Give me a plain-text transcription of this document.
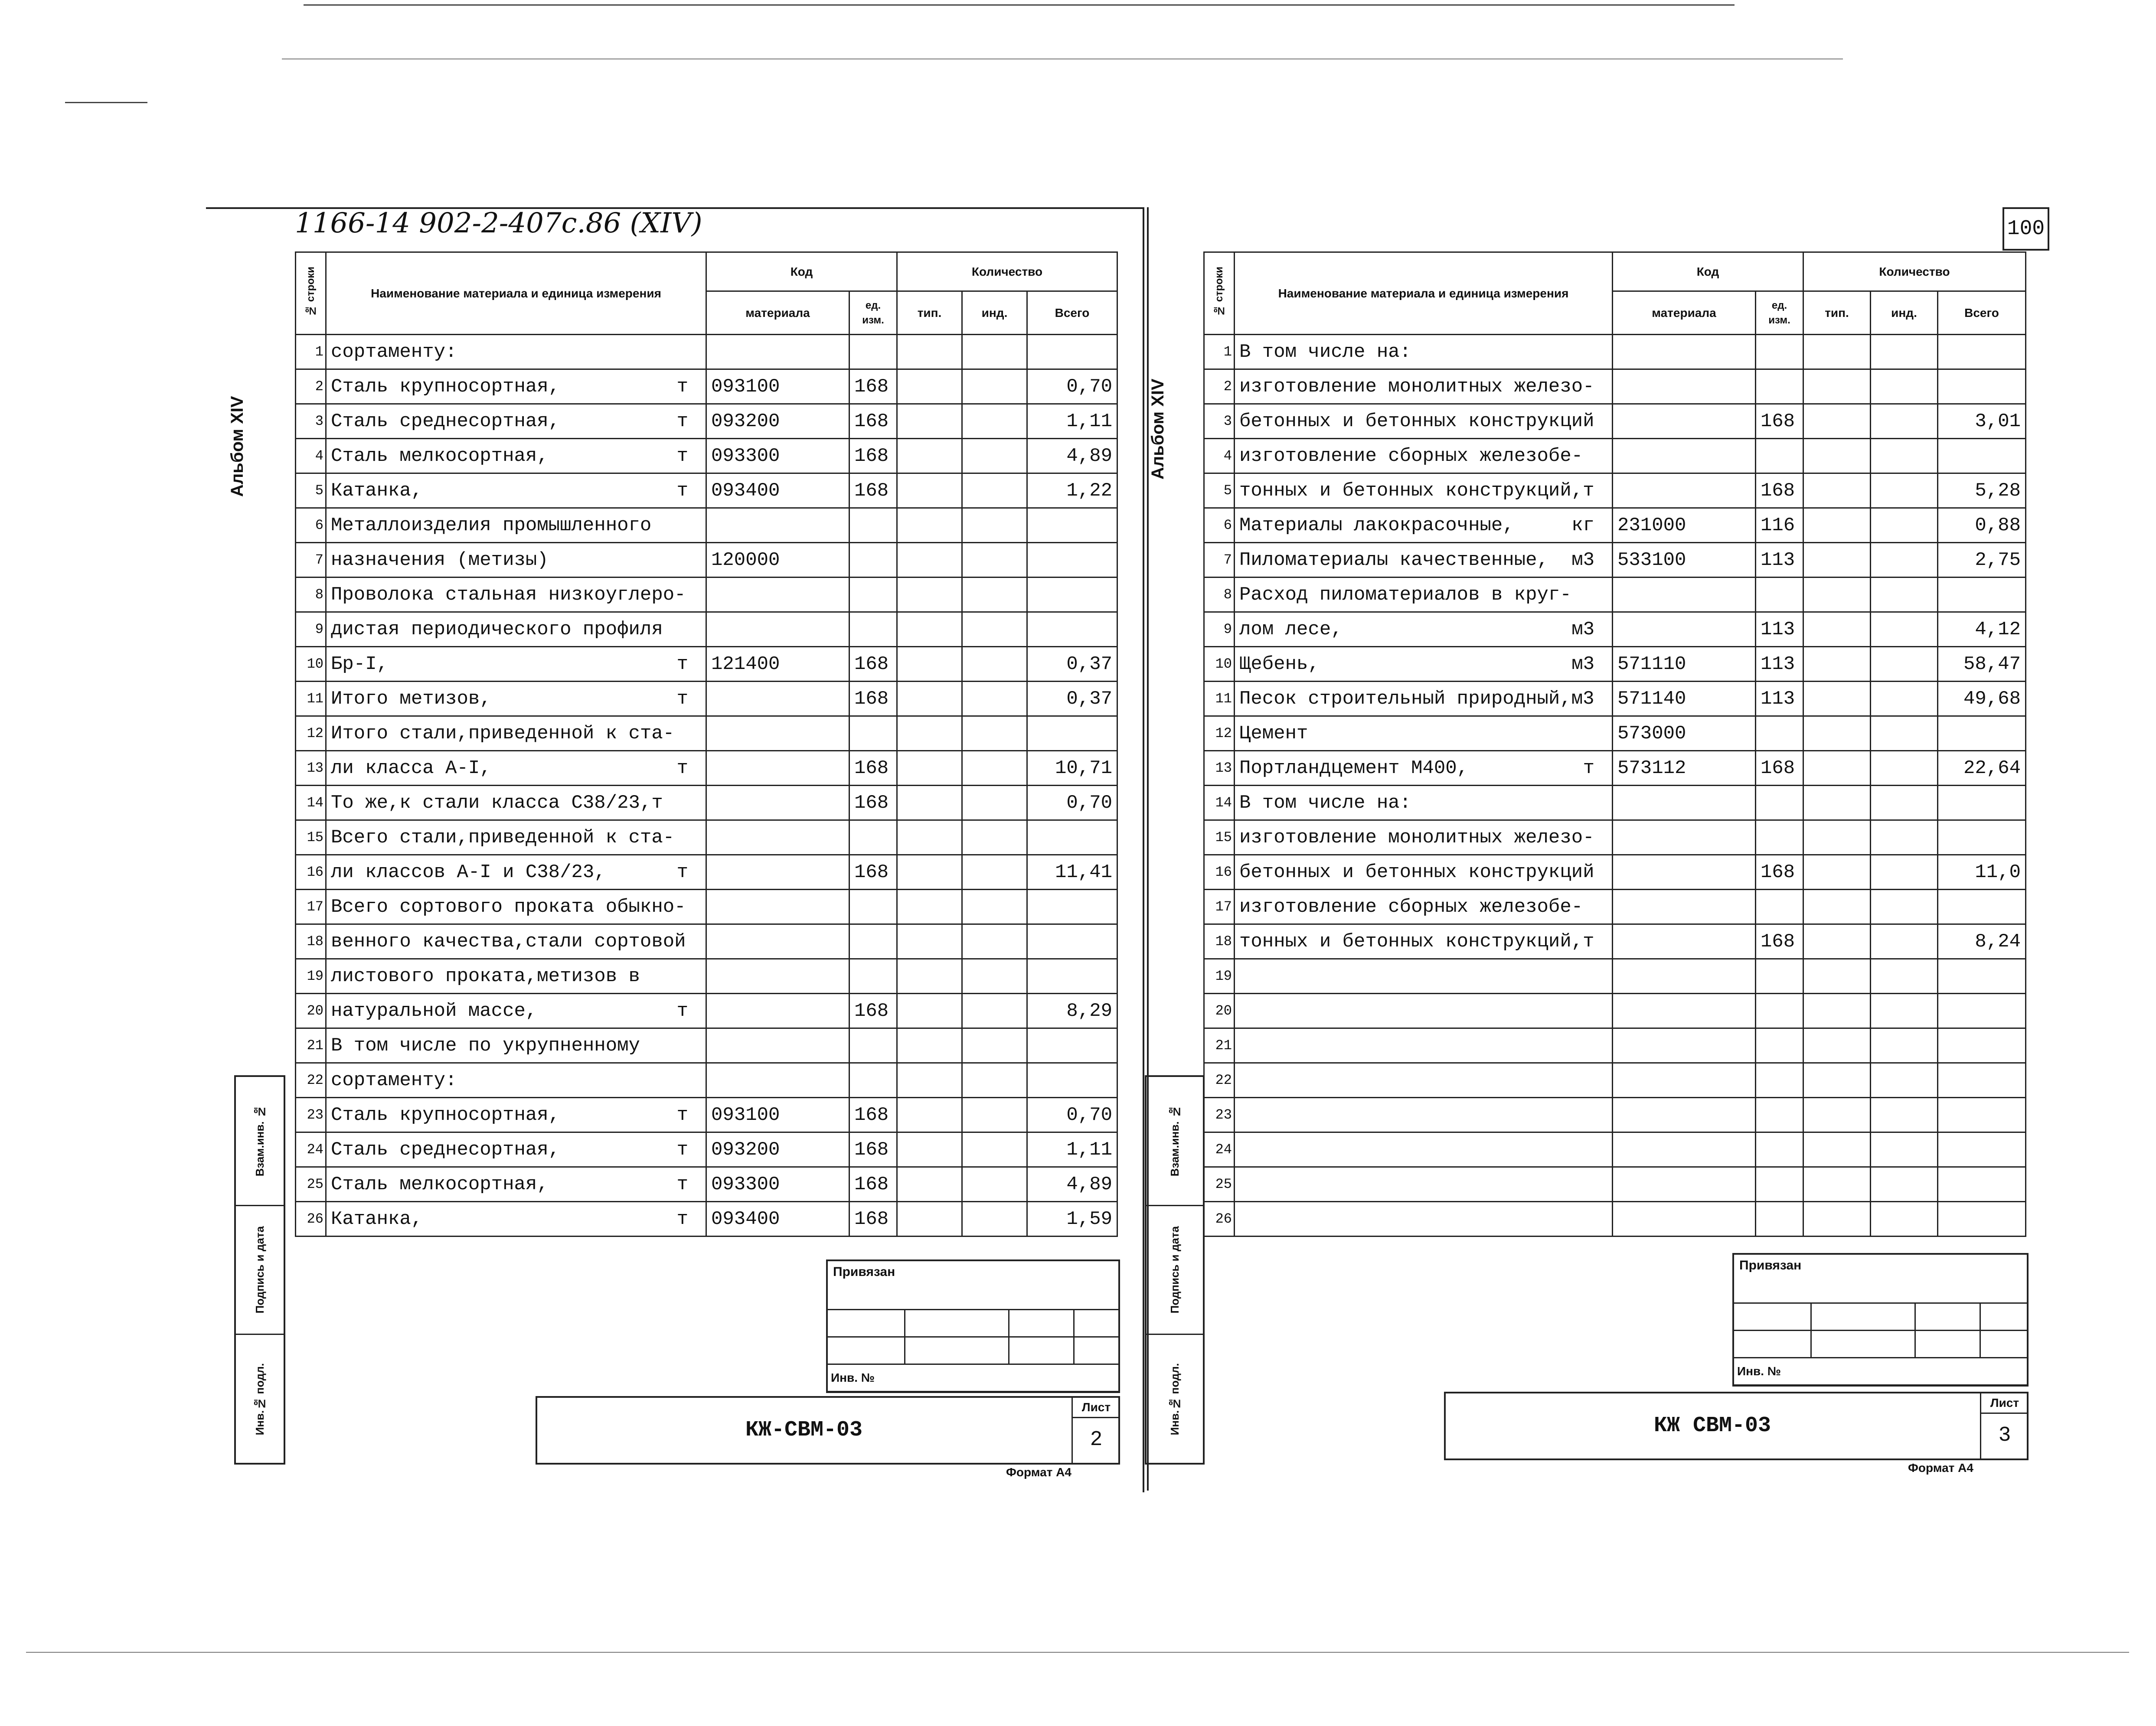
1166-14 902-2-407с.86 (XIV)	100
Альбом XIV
Взам.инв. №
Подпись и дата
Инв.№ подл.
№ строки	Наименование материала и единица измерения	Код		Количество		
		материала	ед. изм.	тип.	инд.	Всего
1	сортаменту:

2	Сталь крупносортная, т	093100	168			0,70
3	Сталь среднесортная, т	093200	168			1,11
4	Сталь мелкосортная, т	093300	168			4,89
5	Катанка, т	093400	168			1,22
6	Металлоизделия промышленного

7	назначения (метизы)	120000				
8	Проволока стальная низкоуглеро-

9	дистая периодического профиля

10	Бр-I, т	121400	168			0,37
11	Итого метизов, т		168			0,37
12	Итого стали,приведенной к ста-

13	ли класса А-I, т		168			10,71
14	То же,к стали класса С38/23,т		168			0,70
15	Всего стали,приведенной к ста-

16	ли классов А-I и С38/23, т		168			11,41
17	Всего сортового проката обыкно-

18	венного качества,стали сортовой

19	листового проката,метизов в

20	натуральной массе, т		168			8,29
21	В том числе по укрупненному

22	сортаменту:

23	Сталь крупносортная, т	093100	168			0,70
24	Сталь среднесортная, т	093200	168			1,11
25	Сталь мелкосортная, т	093300	168			4,89
26	Катанка, т	093400	168			1,59
Привязан

Инв. №			
КЖ-СВМ-03
Лист
2
Формат А4
Альбом XIV
Взам.инв. №
Подпись и дата
Инв.№ подл.
№ строки	Наименование материала и единица измерения	Код		Количество		
		материала	ед. изм.	тип.	инд.	Всего
1	В том числе на:

2	изготовление монолитных железо-

3	бетонных и бетонных конструкций		168			3,01
4	изготовление сборных железобе-

5	тонных и бетонных конструкций,т		168			5,28
6	Материалы лакокрасочные, кг	231000	116			0,88
7	Пиломатериалы качественные, м3	533100	113			2,75
8	Расход пиломатериалов в круг-

9	лом лесе, м3		113			4,12
10	Щебень, м3	571110	113			58,47
11	Песок строительный природный,м3	571140	113			49,68
12	Цемент	573000				
13	Портландцемент М400, т	573112	168			22,64
14	В том числе на:

15	изготовление монолитных железо-

16	бетонных и бетонных конструкций		168			11,0
17	изготовление сборных железобе-

18	тонных и бетонных конструкций,т		168			8,24
19	

20	

21	

22	

23	

24	

25	

26	

Привязан

Инв. №			
КЖ СВМ-03
Лист
3
Формат А4
